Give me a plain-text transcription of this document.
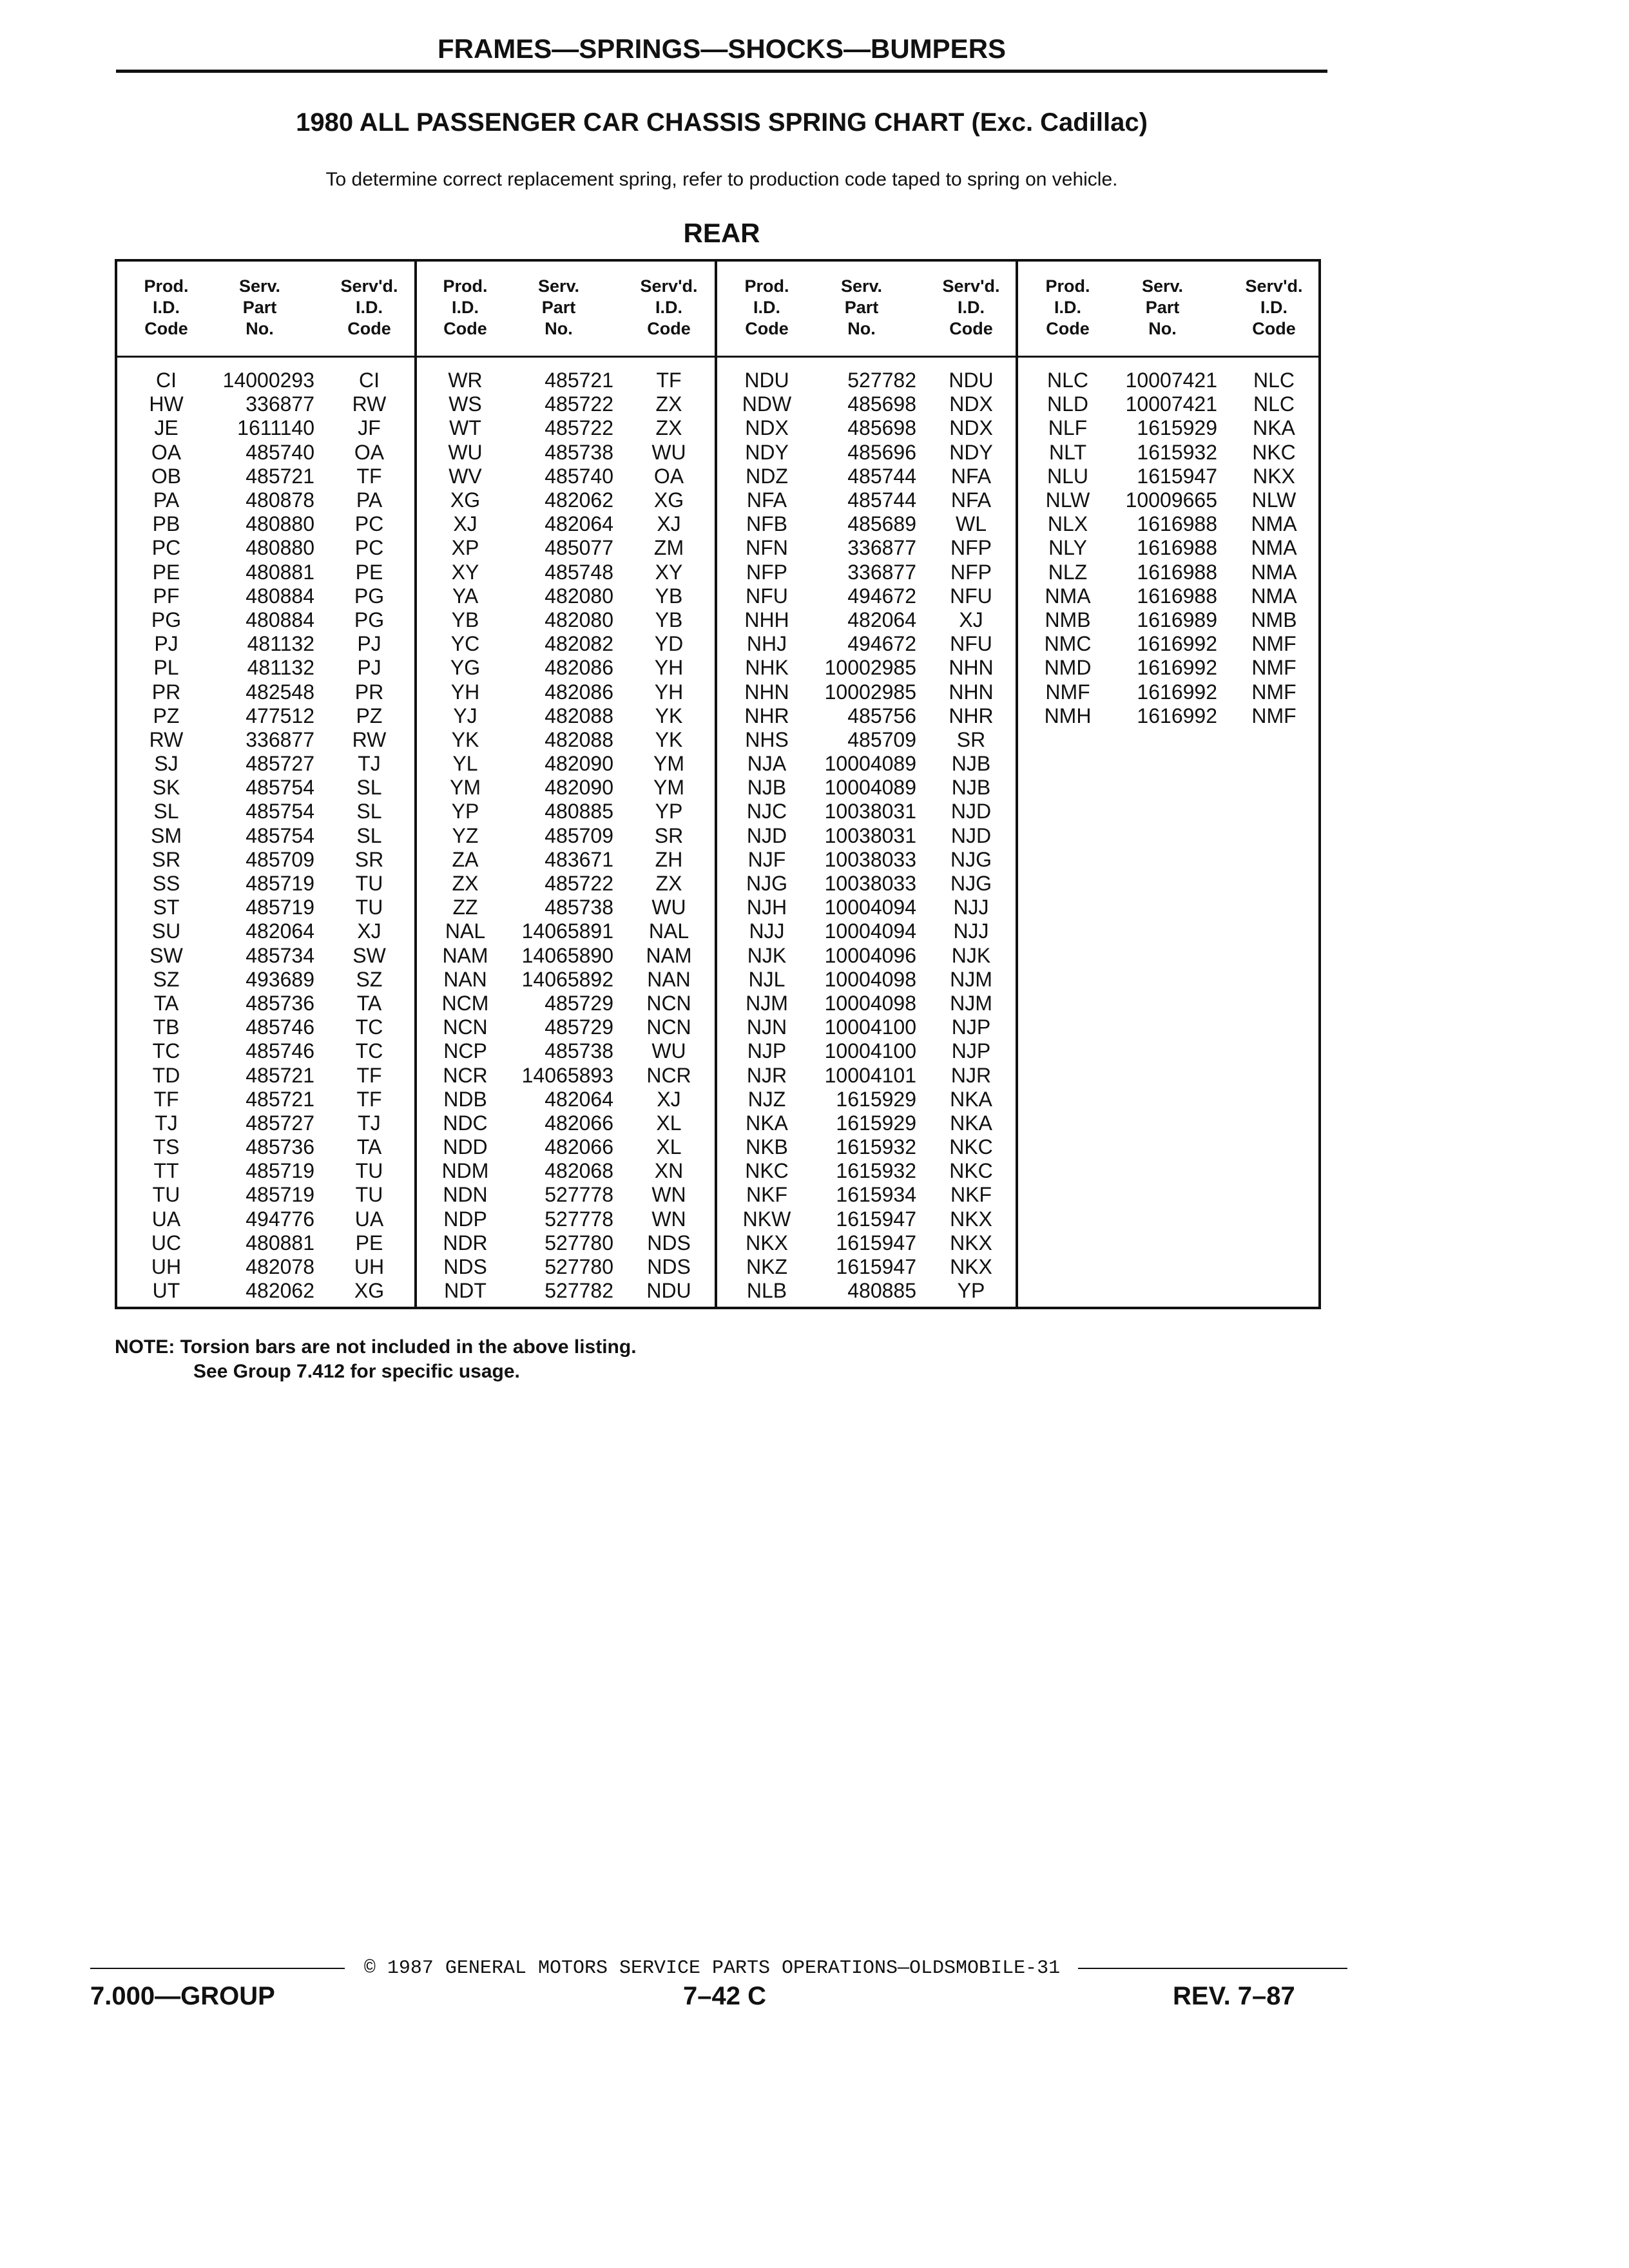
FRAMES—SPRINGS—SHOCKS—BUMPERS
1980 ALL PASSENGER CAR CHASSIS SPRING CHART (Exc. Cadillac)
To determine correct replacement spring, refer to production code taped to spring on vehicle.
REAR
Prod.
I.D.
Code
Serv.
Part
No.
Serv'd.
I.D.
Code
CI	14000293	CI
HW	336877	RW
JE	1611140	JF
OA	485740	OA
OB	485721	TF
PA	480878	PA
PB	480880	PC
PC	480880	PC
PE	480881	PE
PF	480884	PG
PG	480884	PG
PJ	481132	PJ
PL	481132	PJ
PR	482548	PR
PZ	477512	PZ
RW	336877	RW
SJ	485727	TJ
SK	485754	SL
SL	485754	SL
SM	485754	SL
SR	485709	SR
SS	485719	TU
ST	485719	TU
SU	482064	XJ
SW	485734	SW
SZ	493689	SZ
TA	485736	TA
TB	485746	TC
TC	485746	TC
TD	485721	TF
TF	485721	TF
TJ	485727	TJ
TS	485736	TA
TT	485719	TU
TU	485719	TU
UA	494776	UA
UC	480881	PE
UH	482078	UH
UT	482062	XG
Prod.
I.D.
Code
Serv.
Part
No.
Serv'd.
I.D.
Code
WR	485721	TF
WS	485722	ZX
WT	485722	ZX
WU	485738	WU
WV	485740	OA
XG	482062	XG
XJ	482064	XJ
XP	485077	ZM
XY	485748	XY
YA	482080	YB
YB	482080	YB
YC	482082	YD
YG	482086	YH
YH	482086	YH
YJ	482088	YK
YK	482088	YK
YL	482090	YM
YM	482090	YM
YP	480885	YP
YZ	485709	SR
ZA	483671	ZH
ZX	485722	ZX
ZZ	485738	WU
NAL	14065891	NAL
NAM	14065890	NAM
NAN	14065892	NAN
NCM	485729	NCN
NCN	485729	NCN
NCP	485738	WU
NCR	14065893	NCR
NDB	482064	XJ
NDC	482066	XL
NDD	482066	XL
NDM	482068	XN
NDN	527778	WN
NDP	527778	WN
NDR	527780	NDS
NDS	527780	NDS
NDT	527782	NDU
Prod.
I.D.
Code
Serv.
Part
No.
Serv'd.
I.D.
Code
NDU	527782	NDU
NDW	485698	NDX
NDX	485698	NDX
NDY	485696	NDY
NDZ	485744	NFA
NFA	485744	NFA
NFB	485689	WL
NFN	336877	NFP
NFP	336877	NFP
NFU	494672	NFU
NHH	482064	XJ
NHJ	494672	NFU
NHK	10002985	NHN
NHN	10002985	NHN
NHR	485756	NHR
NHS	485709	SR
NJA	10004089	NJB
NJB	10004089	NJB
NJC	10038031	NJD
NJD	10038031	NJD
NJF	10038033	NJG
NJG	10038033	NJG
NJH	10004094	NJJ
NJJ	10004094	NJJ
NJK	10004096	NJK
NJL	10004098	NJM
NJM	10004098	NJM
NJN	10004100	NJP
NJP	10004100	NJP
NJR	10004101	NJR
NJZ	1615929	NKA
NKA	1615929	NKA
NKB	1615932	NKC
NKC	1615932	NKC
NKF	1615934	NKF
NKW	1615947	NKX
NKX	1615947	NKX
NKZ	1615947	NKX
NLB	480885	YP
Prod.
I.D.
Code
Serv.
Part
No.
Serv'd.
I.D.
Code
NLC	10007421	NLC
NLD	10007421	NLC
NLF	1615929	NKA
NLT	1615932	NKC
NLU	1615947	NKX
NLW	10009665	NLW
NLX	1616988	NMA
NLY	1616988	NMA
NLZ	1616988	NMA
NMA	1616988	NMA
NMB	1616989	NMB
NMC	1616992	NMF
NMD	1616992	NMF
NMF	1616992	NMF
NMH	1616992	NMF
NOTE: Torsion bars are not included in the above listing.
See Group 7.412 for specific usage.
© 1987 GENERAL MOTORS SERVICE PARTS OPERATIONS—OLDSMOBILE-31
7.000—GROUP	7–42 C	REV. 7–87
